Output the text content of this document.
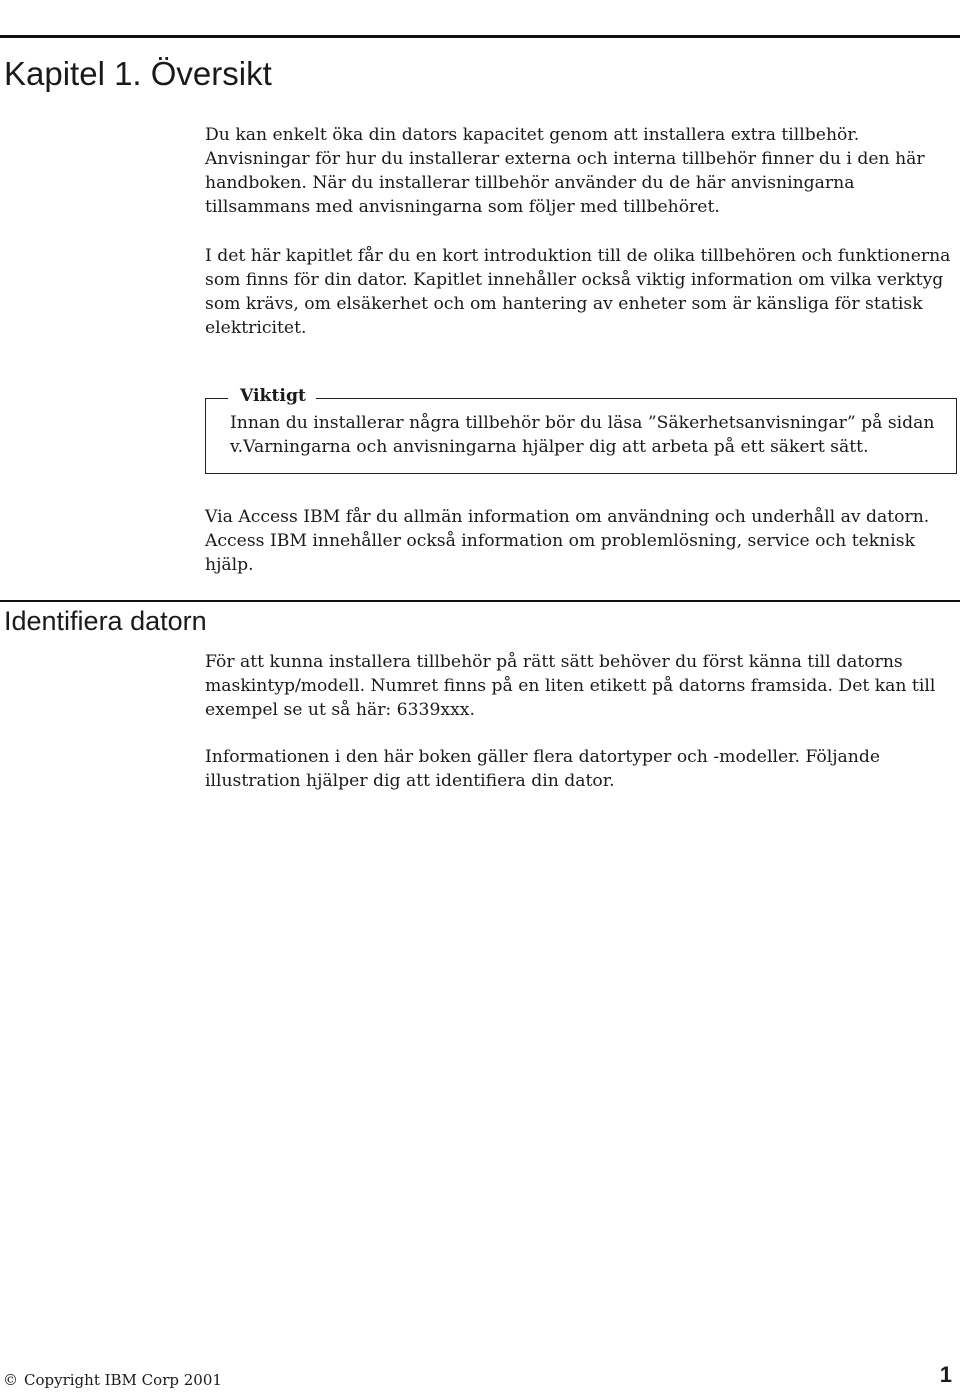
Kapitel 1. Översikt

Du kan enkelt öka din dators kapacitet genom att installera extra tillbehör. Anvisningar för hur du installerar externa och interna tillbehör finner du i den här handboken. När du installerar tillbehör använder du de här anvisningarna tillsammans med anvisningarna som följer med tillbehöret.

I det här kapitlet får du en kort introduktion till de olika tillbehören och funktionerna som finns för din dator. Kapitlet innehåller också viktig information om vilka verktyg som krävs, om elsäkerhet och om hantering av enheter som är känsliga för statisk elektricitet.

Viktigt

Innan du installerar några tillbehör bör du läsa ”Säkerhetsanvisningar” på sidan v.Varningarna och anvisningarna hjälper dig att arbeta på ett säkert sätt.

Via Access IBM får du allmän information om användning och underhåll av datorn. Access IBM innehåller också information om problemlösning, service och teknisk hjälp.

Identifiera datorn

För att kunna installera tillbehör på rätt sätt behöver du först känna till datorns maskintyp/modell. Numret finns på en liten etikett på datorns framsida. Det kan till exempel se ut så här: 6339xxx.

Informationen i den här boken gäller flera datortyper och -modeller. Följande illustration hjälper dig att identifiera din dator.

© Copyright IBM Corp 2001	1
